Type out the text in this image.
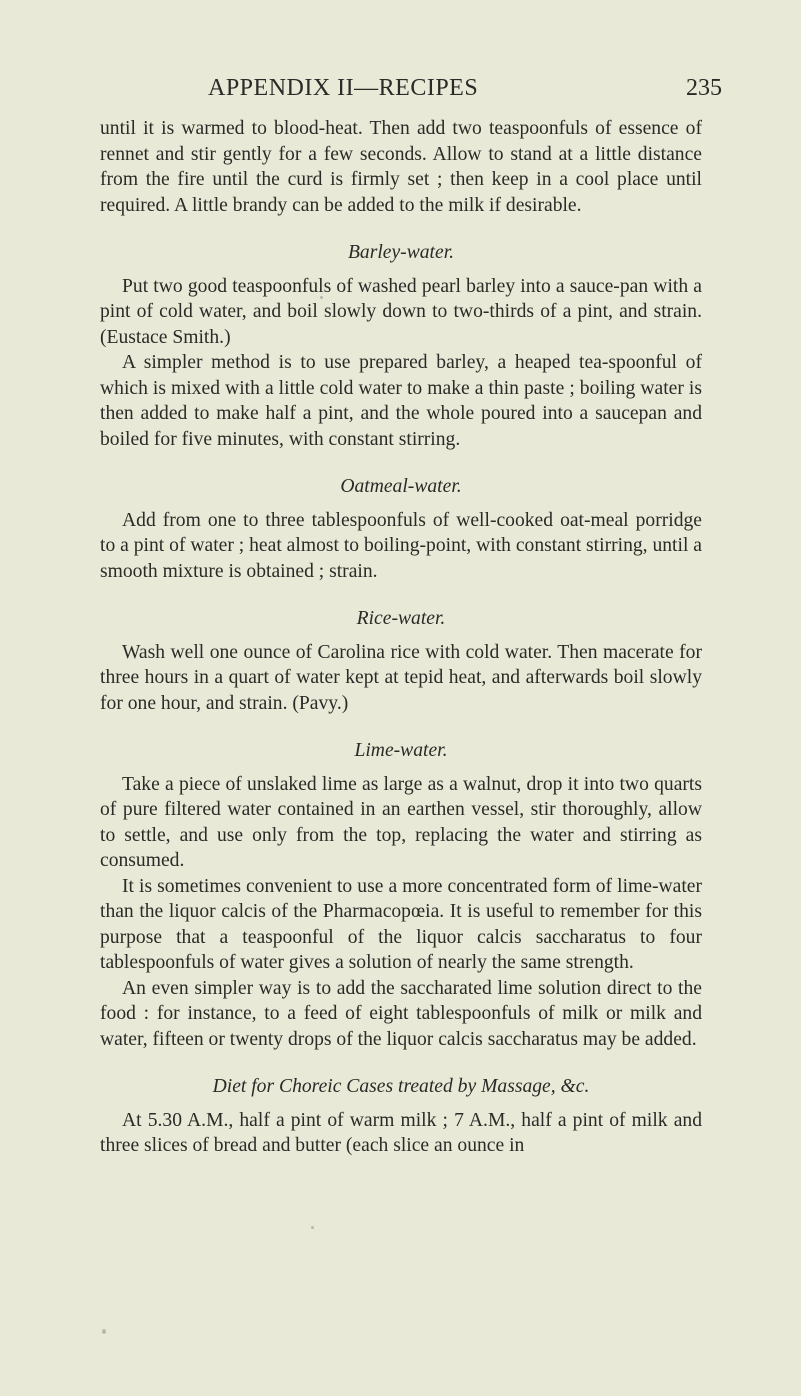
APPENDIX II—RECIPES	235

until it is warmed to blood-heat. Then add two teaspoonfuls of essence of rennet and stir gently for a few seconds. Allow to stand at a little distance from the fire until the curd is firmly set ; then keep in a cool place until required. A little brandy can be added to the milk if desirable.

Barley-water.

Put two good teaspoonfuls of washed pearl barley into a sauce-pan with a pint of cold water, and boil slowly down to two-thirds of a pint, and strain. (Eustace Smith.)

A simpler method is to use prepared barley, a heaped tea-spoonful of which is mixed with a little cold water to make a thin paste ; boiling water is then added to make half a pint, and the whole poured into a saucepan and boiled for five minutes, with constant stirring.

Oatmeal-water.

Add from one to three tablespoonfuls of well-cooked oat-meal porridge to a pint of water ; heat almost to boiling-point, with constant stirring, until a smooth mixture is obtained ; strain.

Rice-water.

Wash well one ounce of Carolina rice with cold water. Then macerate for three hours in a quart of water kept at tepid heat, and afterwards boil slowly for one hour, and strain. (Pavy.)

Lime-water.

Take a piece of unslaked lime as large as a walnut, drop it into two quarts of pure filtered water contained in an earthen vessel, stir thoroughly, allow to settle, and use only from the top, replacing the water and stirring as consumed.

It is sometimes convenient to use a more concentrated form of lime-water than the liquor calcis of the Pharmacopœia. It is useful to remember for this purpose that a teaspoonful of the liquor calcis saccharatus to four tablespoonfuls of water gives a solution of nearly the same strength.

An even simpler way is to add the saccharated lime solution direct to the food : for instance, to a feed of eight tablespoonfuls of milk or milk and water, fifteen or twenty drops of the liquor calcis saccharatus may be added.

Diet for Choreic Cases treated by Massage, &c.

At 5.30 A.M., half a pint of warm milk ; 7 A.M., half a pint of milk and three slices of bread and butter (each slice an ounce in
